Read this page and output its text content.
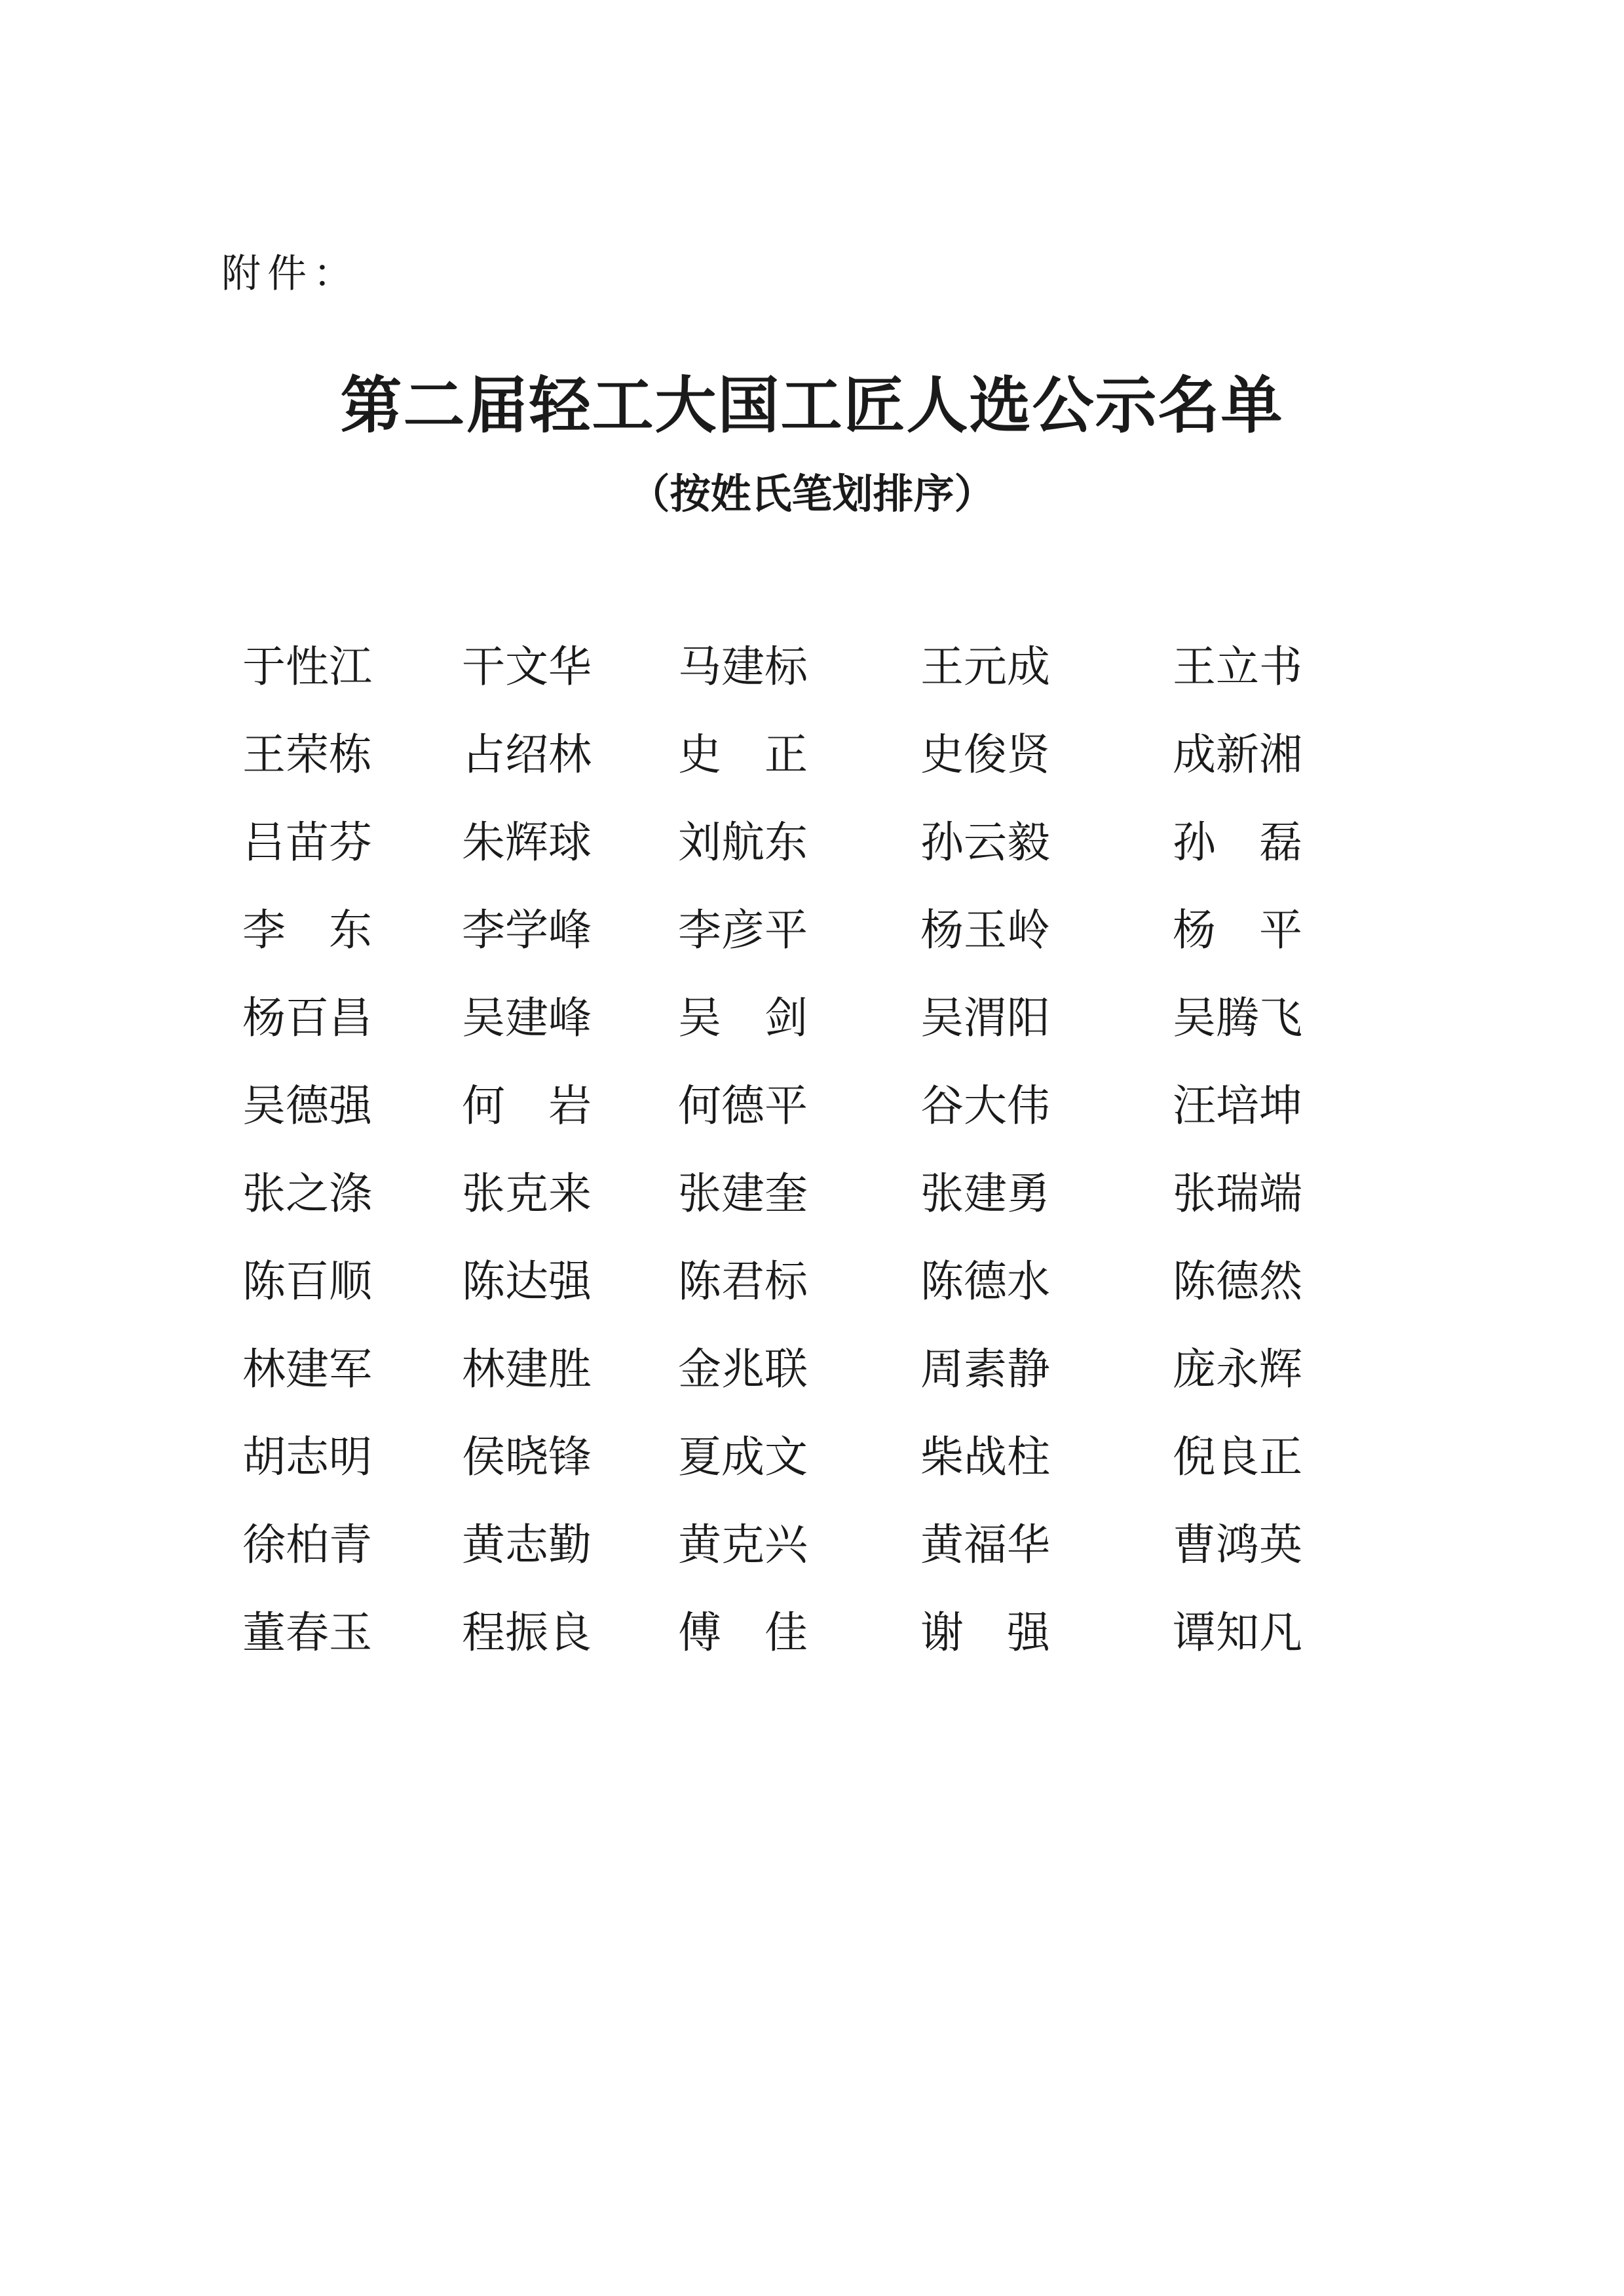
附件：
第二届轻工大国工匠人选公示名单
（按姓氏笔划排序）
于性江 干文华 马建标	王元成	王立书
王荣栋 占绍林 史　正	史俊贤	成新湘
吕苗芬 朱辉球 刘航东	孙云毅	孙　磊
李　东 李学峰 李彦平	杨玉岭	杨　平
杨百昌 吴建峰 吴　剑	吴渭阳	吴腾飞
吴德强 何　岩 何德平	谷大伟	汪培坤
张之涤 张克来 张建奎	张建勇	张瑞端
陈百顺 陈达强 陈君标	陈德水	陈德然
林建军 林建胜 金兆联	周素静	庞永辉
胡志明 侯晓锋 夏成文	柴战柱	倪良正
徐柏青 黄志勤 黄克兴	黄福华	曹鸿英
董春玉 程振良 傅　佳	谢　强	谭知凡
